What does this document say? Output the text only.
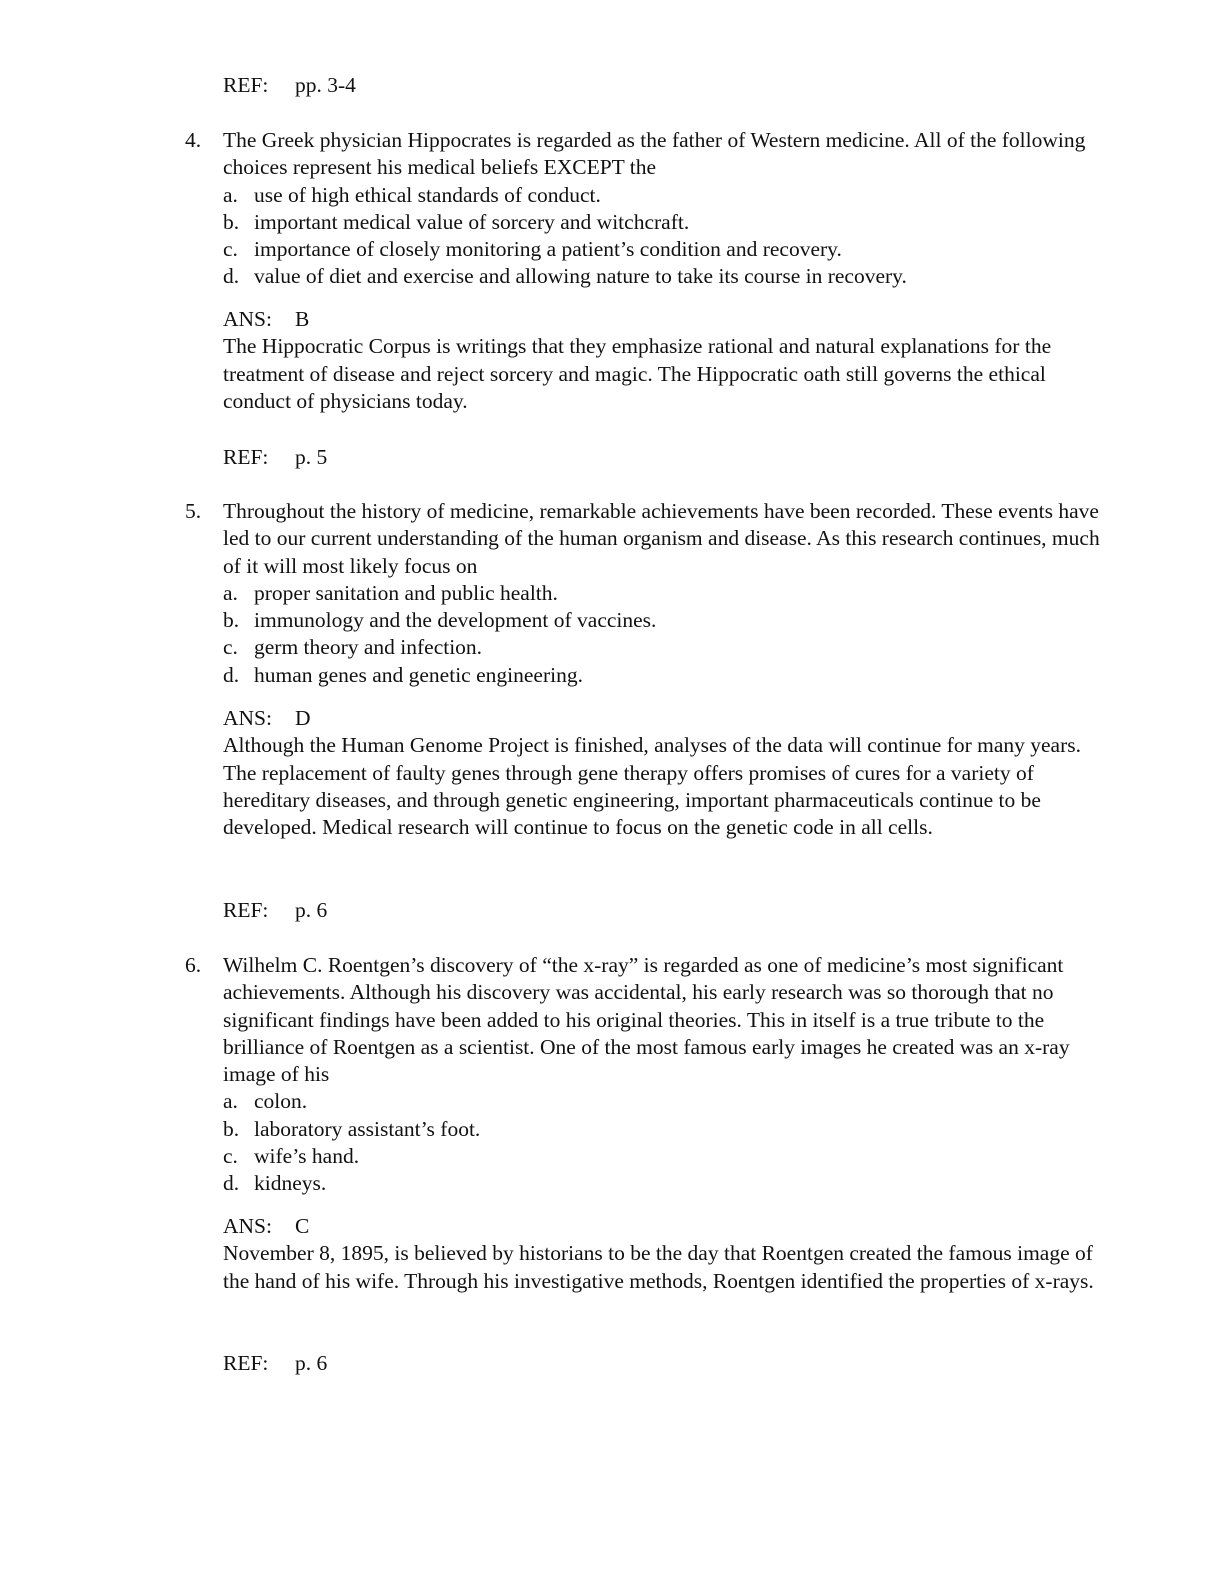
REF: pp. 3-4
4.	The Greek physician Hippocrates is regarded as the father of Western medicine. All of the following choices represent his medical beliefs EXCEPT the
a. use of high ethical standards of conduct.
b. important medical value of sorcery and witchcraft.
c. importance of closely monitoring a patient’s condition and recovery.
d. value of diet and exercise and allowing nature to take its course in recovery.
ANS: B
The Hippocratic Corpus is writings that they emphasize rational and natural explanations for the treatment of disease and reject sorcery and magic. The Hippocratic oath still governs the ethical conduct of physicians today.
REF: p. 5
5.	Throughout the history of medicine, remarkable achievements have been recorded. These events have led to our current understanding of the human organism and disease. As this research continues, much of it will most likely focus on
a. proper sanitation and public health.
b. immunology and the development of vaccines.
c. germ theory and infection.
d. human genes and genetic engineering.
ANS: D
Although the Human Genome Project is finished, analyses of the data will continue for many years. The replacement of faulty genes through gene therapy offers promises of cures for a variety of hereditary diseases, and through genetic engineering, important pharmaceuticals continue to be developed. Medical research will continue to focus on the genetic code in all cells.
REF: p. 6
6.	Wilhelm C. Roentgen’s discovery of “the x-ray” is regarded as one of medicine’s most significant achievements. Although his discovery was accidental, his early research was so thorough that no significant findings have been added to his original theories. This in itself is a true tribute to the brilliance of Roentgen as a scientist. One of the most famous early images he created was an x-ray image of his
a. colon.
b. laboratory assistant’s foot.
c. wife’s hand.
d. kidneys.
ANS: C
November 8, 1895, is believed by historians to be the day that Roentgen created the famous image of the hand of his wife. Through his investigative methods, Roentgen identified the properties of x-rays.
REF: p. 6
